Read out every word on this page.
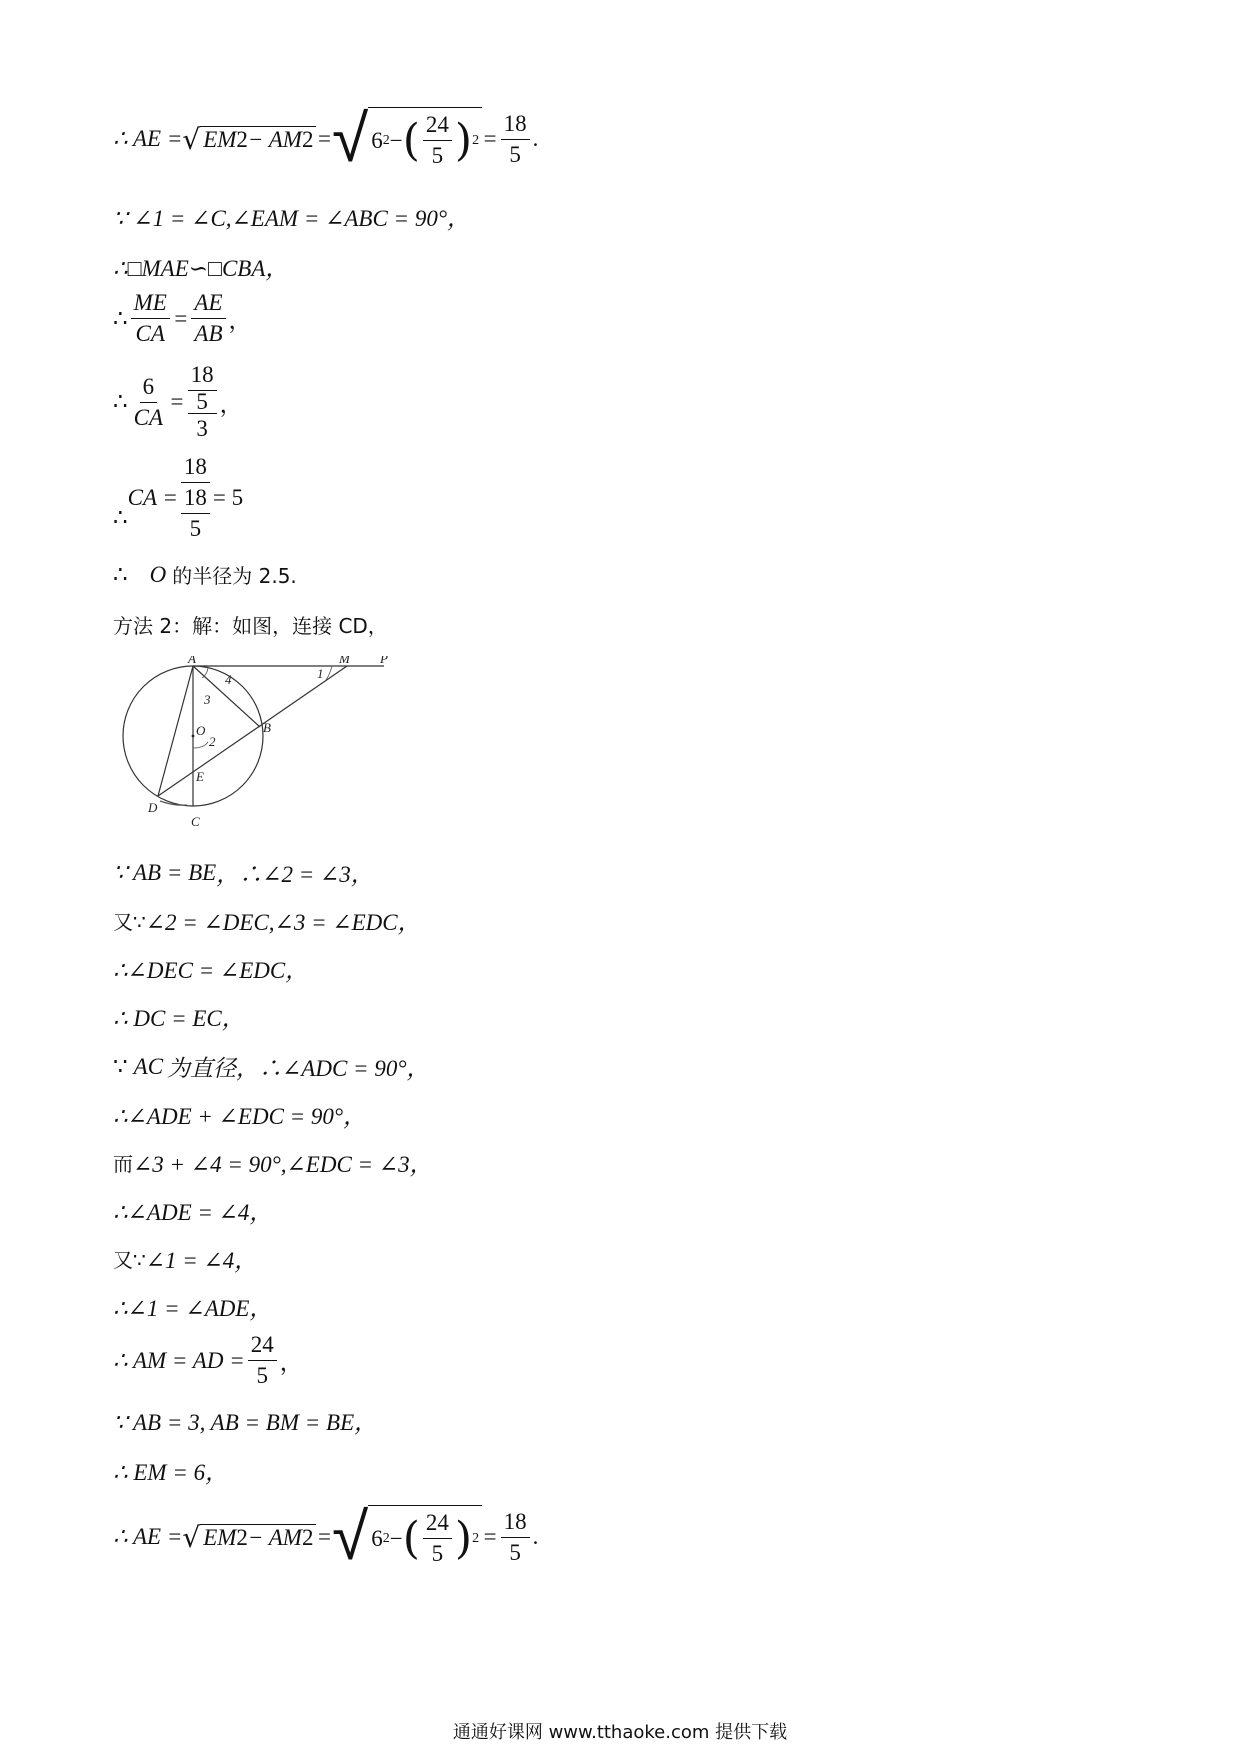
∴ AE = √ EM 2 − AM 2 = √ 6 2 − ( $\frac{24}{5}$ ) $2 = \frac{18}{5}$ .
∵ ∠1 = ∠C,∠EAM = ∠ABC = 90°，
∴□MAE∽□CBA，
∴ $\frac{ME}{CA} = \frac{AE}{AB}$ ，
∴ $\frac{6}{CA} = \frac{\frac{18}{5}}{3}$ ，
∴
CA = $\frac{18}{\frac{18}{5}} = 5$
∴ O 的半径为 2.5.
方法 2：解：如图，连接 CD，
A	M P
B
O
E
D
C
1
2
3
4
∵ AB = BE ，∴∠2 = ∠3，
又∵ ∠2 = ∠DEC,∠3 = ∠EDC，
∴∠DEC = ∠EDC，
∴ DC = EC，
∵ AC 为直径，∴∠ADC = 90°，
∴∠ADE + ∠EDC = 90°，
而 ∠3 + ∠4 = 90°,∠EDC = ∠3，
∴∠ADE = ∠4，
又∵ ∠1 = ∠4，
∴∠1 = ∠ADE，
∴ AM = AD = $\frac{24}{5}$ ，
∵ AB = 3, AB = BM = BE，
∴ EM = 6，
∴ AE = √ EM 2 − AM 2 = √ 6 2 − ( $\frac{24}{5}$ ) $2 = \frac{18}{5}$ .
通通好课网 www.tthaoke.com 提供下载
